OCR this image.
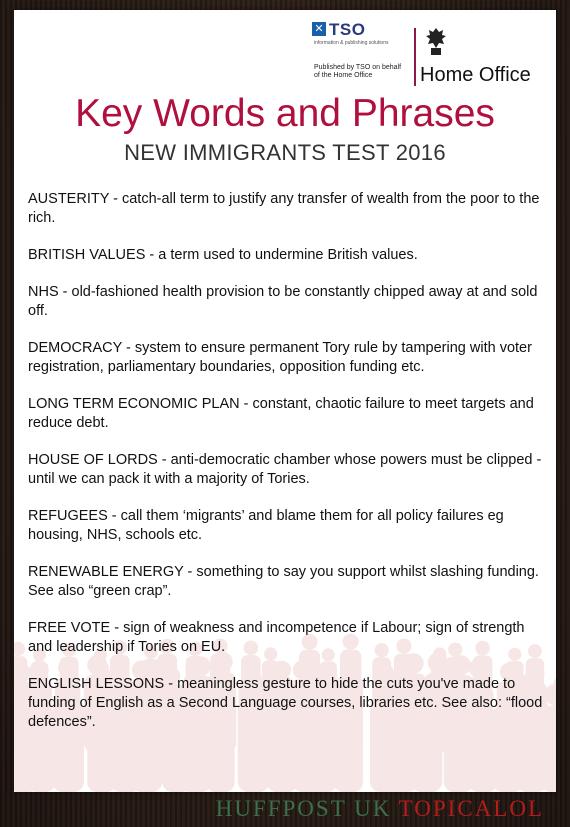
✕ TSO
information & publishing solutions
Published by TSO on behalf of the Home Office	Home Office
Key Words and Phrases
NEW IMMIGRANTS TEST 2016
AUSTERITY - catch-all term to justify any transfer of wealth from the poor to the rich.
BRITISH VALUES - a term used to undermine British values.
NHS - old-fashioned health provision to be constantly chipped away at and sold off.
DEMOCRACY - system to ensure permanent Tory rule by tampering with voter registration, parliamentary boundaries, opposition funding etc.
LONG TERM ECONOMIC PLAN - constant, chaotic failure to meet targets and reduce debt.
HOUSE OF LORDS - anti-democratic chamber whose powers must be clipped - until we can pack it with a majority of Tories.
REFUGEES - call them ‘migrants’ and blame them for all policy failures eg housing, NHS, schools etc.
RENEWABLE ENERGY - something to say you support whilst slashing funding. See also “green crap”.
FREE VOTE - sign of weakness and incompetence if Labour; sign of strength and leadership if Tories on EU.
ENGLISH LESSONS - meaningless gesture to hide the cuts you've made to funding of English as a Second Language courses, libraries etc. See also: “flood defences”.
HUFFPOST UK TOPICALOL
